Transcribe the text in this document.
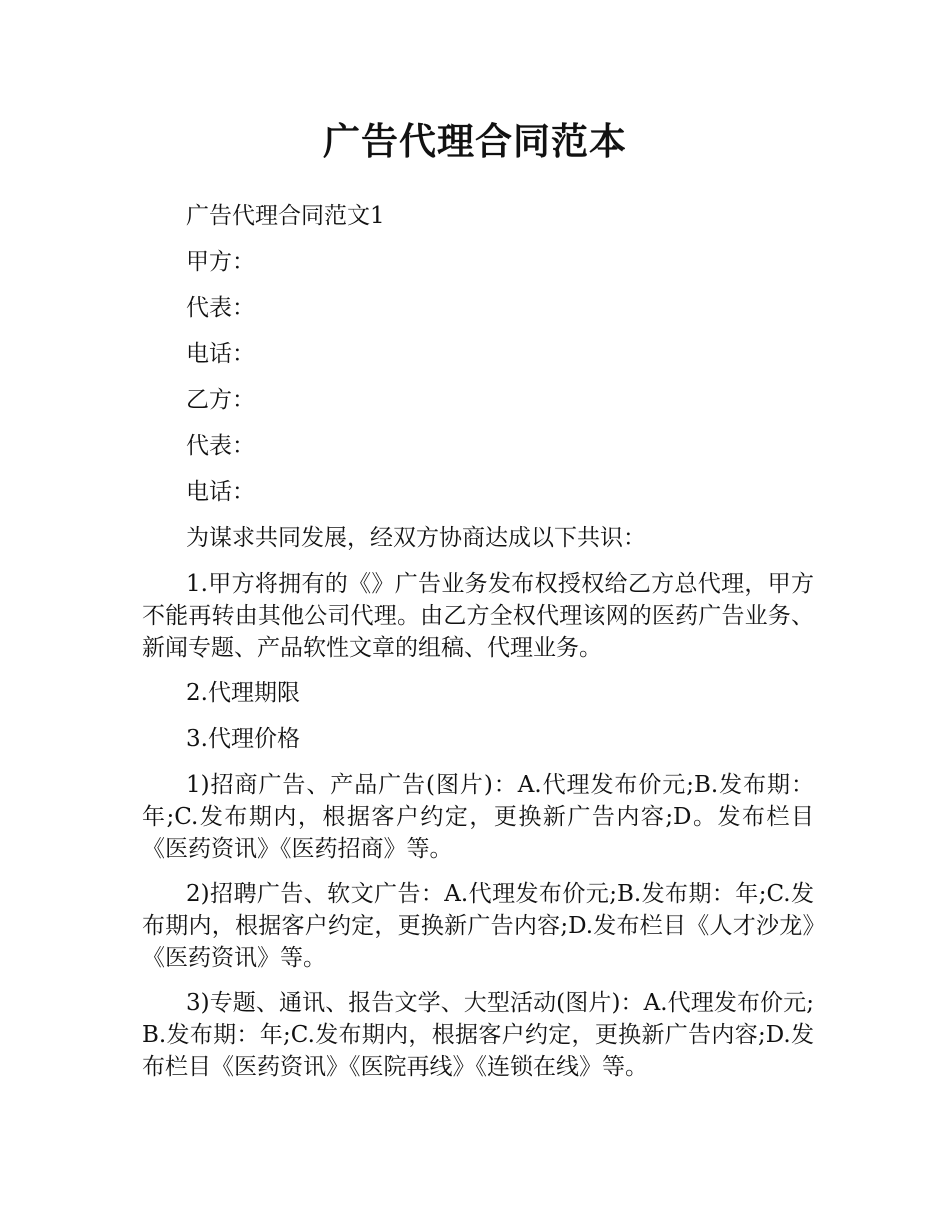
广告代理合同范本

广告代理合同范文1

甲方：

代表：

电话：

乙方：

代表：

电话：

为谋求共同发展，经双方协商达成以下共识：

1.甲方将拥有的《》广告业务发布权授权给乙方总代理，甲方不能再转由其他公司代理。由乙方全权代理该网的医药广告业务、新闻专题、产品软性文章的组稿、代理业务。

2.代理期限

3.代理价格

1)招商广告、产品广告(图片)：A.代理发布价元;B.发布期：年;C.发布期内，根据客户约定，更换新广告内容;D。发布栏目《医药资讯》《医药招商》等。

2)招聘广告、软文广告：A.代理发布价元;B.发布期：年;C.发布期内，根据客户约定，更换新广告内容;D.发布栏目《人才沙龙》《医药资讯》等。

3)专题、通讯、报告文学、大型活动(图片)：A.代理发布价元;B.发布期：年;C.发布期内，根据客户约定，更换新广告内容;D.发布栏目《医药资讯》《医院再线》《连锁在线》等。
